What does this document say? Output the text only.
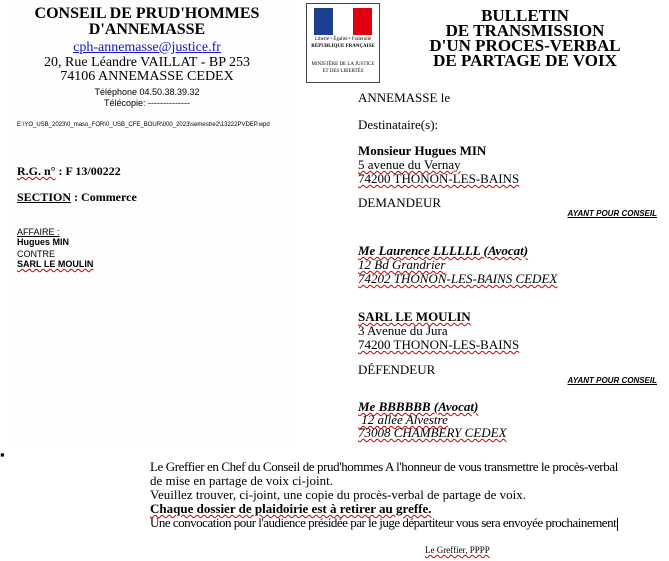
CONSEIL DE PRUD'HOMMES
D'ANNEMASSE
cph-annemasse@justice.fr
20, Rue Léandre VAILLAT - BP 253
74106 ANNEMASSE CEDEX
Téléphone 04.50.38.39.32
Télécopie: --------------
E:\YO_USB_2023\0_maso_FOR\0_USB_CFE_BOUR\000_2023\semestre2\13222PVDEP.wpd
R.G. n° : F 13/00222
SECTION : Commerce
AFFAIRE :
Hugues MIN
CONTRE
SARL LE MOULIN
Liberté • Égalité • Fraternité
RÉPUBLIQUE FRANÇAISE
MINISTÈRE DE LA JUSTICE
ET DES LIBERTÉS
BULLETIN
DE TRANSMISSION
D'UN PROCES-VERBAL
DE PARTAGE DE VOIX
ANNEMASSE le
Destinataire(s):
Monsieur Hugues MIN
5 avenue du Vernay
74200 THONON-LES-BAINS
DEMANDEUR
AYANT POUR CONSEIL
Me Laurence LLLLLL (Avocat)
12 Bd Grandrier
74202 THONON-LES-BAINS CEDEX
SARL LE MOULIN
3 Avenue du Jura
74200 THONON-LES-BAINS
DÉFENDEUR
AYANT POUR CONSEIL
Me BBBBBB (Avocat)
12 allée Alvestre
73008 CHAMBERY CEDEX
▪
Le Greffier en Chef du Conseil de prud'hommes A l'honneur de vous transmettre le procès-verbal
de mise en partage de voix ci-joint.
Veuillez trouver, ci-joint, une copie du procès-verbal de partage de voix.
Chaque dossier de plaidoirie est à retirer au greffe.
Une convocation pour l'audience présidée par le juge départiteur vous sera envoyée prochainement
Le Greffier, PPPP
